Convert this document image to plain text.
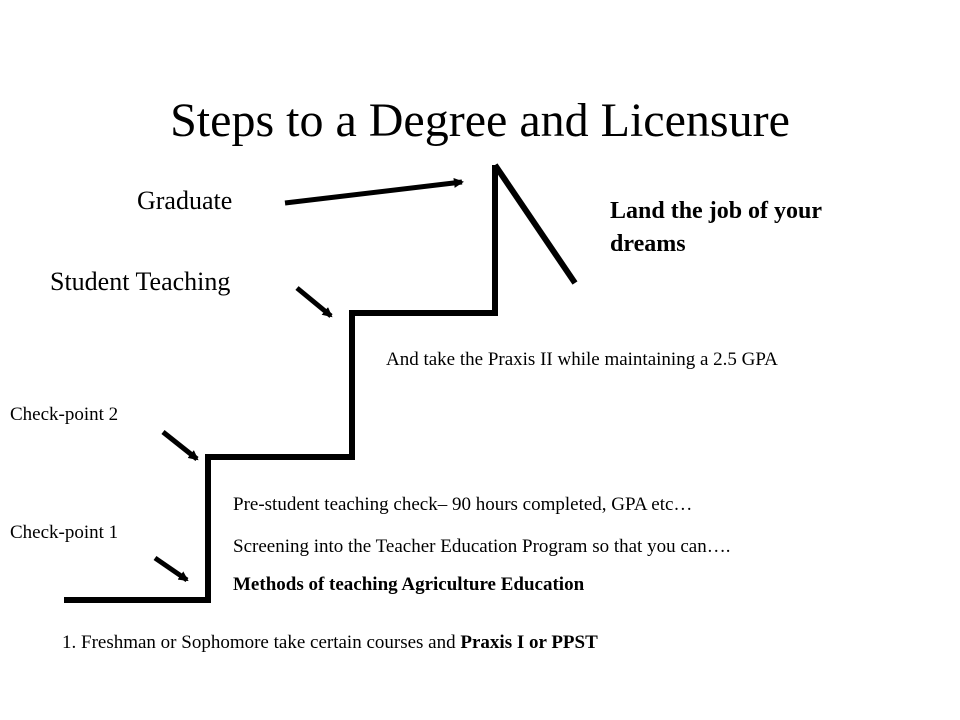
Steps to a Degree and Licensure
Graduate
Student Teaching
Land the job of your dreams
And take the Praxis II while maintaining a 2.5 GPA
Check-point 2
Check-point 1
Pre-student teaching check– 90 hours completed, GPA etc…
Screening into the Teacher Education Program so that you can….
Methods of teaching Agriculture Education
1. Freshman or Sophomore take certain courses and Praxis I or PPST
